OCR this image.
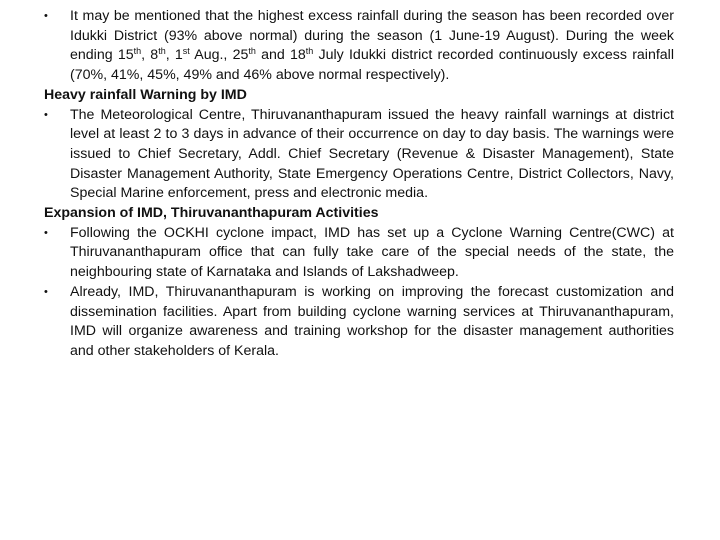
•	It may be mentioned that the highest excess rainfall during the season has been recorded over Idukki District (93% above normal) during the season (1 June-19 August). During the week ending 15th, 8th, 1st Aug., 25th and 18th July Idukki district recorded continuously excess rainfall (70%, 41%, 45%, 49% and 46% above normal respectively).
Heavy rainfall Warning by IMD
•	The Meteorological Centre, Thiruvananthapuram issued the heavy rainfall warnings at district level at least 2 to 3 days in advance of their occurrence on day to day basis. The warnings were issued to Chief Secretary, Addl. Chief Secretary (Revenue & Disaster Management), State Disaster Management Authority, State Emergency Operations Centre, District Collectors, Navy, Special Marine enforcement, press and electronic media.
Expansion of IMD, Thiruvananthapuram Activities
•	Following the OCKHI cyclone impact, IMD has set up a Cyclone Warning Centre(CWC) at Thiruvananthapuram office that can fully take care of the special needs of the state, the neighbouring state of Karnataka and Islands of Lakshadweep.
•	Already, IMD, Thiruvananthapuram is working on improving the forecast customization and dissemination facilities. Apart from building cyclone warning services at Thiruvananthapuram, IMD will organize awareness and training workshop for the disaster management authorities and other stakeholders of Kerala.
